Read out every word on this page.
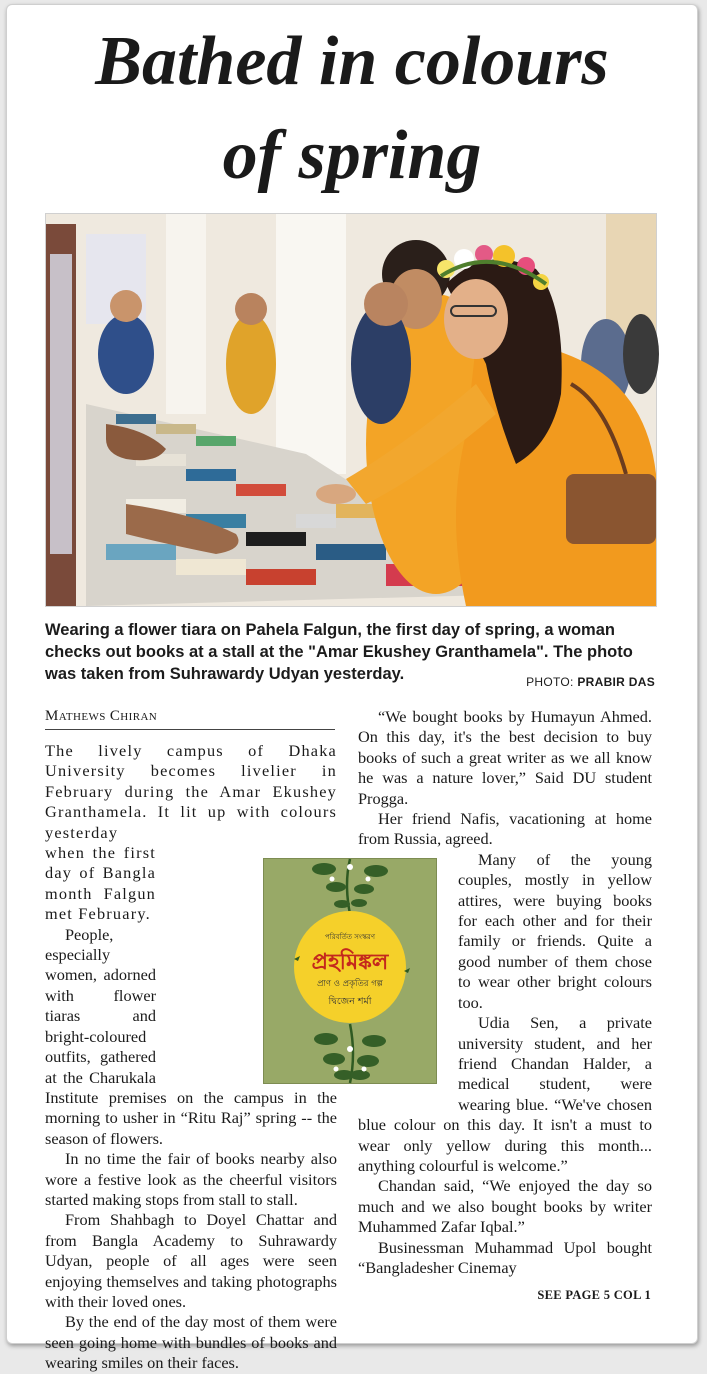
Bathed in colours
of spring
Wearing a flower tiara on Pahela Falgun, the first day of spring, a woman checks out books at a stall at the "Amar Ekushey Granthamela". The photo was taken from Suhrawardy Udyan yesterday.	PHOTO: PRABIR DAS
Mathews Chiran

The lively campus of Dhaka University becomes livelier in February during the Amar Ekushey Granthamela. It lit up with colours yesterday when the first day of Bangla month Falgun met February.

People, especially women, adorned with flower tiaras and bright-coloured outfits, gathered at the Charukala Institute premises on the campus in the morning to usher in “Ritu Raj” spring -- the season of flowers.

In no time the fair of books nearby also wore a festive look as the cheerful visitors started making stops from stall to stall.

From Shahbagh to Doyel Chattar and from Bangla Academy to Suhrawardy Udyan, people of all ages were seen enjoying themselves and taking photographs with their loved ones.

By the end of the day most of them were seen going home with bundles of books and wearing smiles on their faces.

“We bought books by Humayun Ahmed. On this day, it's the best decision to buy books of such a great writer as we all know he was a nature lover,” Said DU student Progga.

Her friend Nafis, vacationing at home from Russia, agreed.

Many of the young couples, mostly in yellow attires, were buying books for each other and for their family or friends. Quite a good number of them chose to wear other bright colours too.

Udia Sen, a private university student, and her friend Chandan Halder, a medical student, were wearing blue. “We've chosen blue colour on this day. It isn't a must to wear only yellow during this month... anything colourful is welcome.”

Chandan said, “We enjoyed the day so much and we also bought books by writer Muhammed Zafar Iqbal.”

Businessman Muhammad Upol bought “Bangladesher Cinemay

পরিবর্তিত সংস্করণ
প্রহমিঙ্কল
প্রাণ ও প্রকৃতির গল্প
দ্বিজেন শর্মা
SEE PAGE 5 COL 1
